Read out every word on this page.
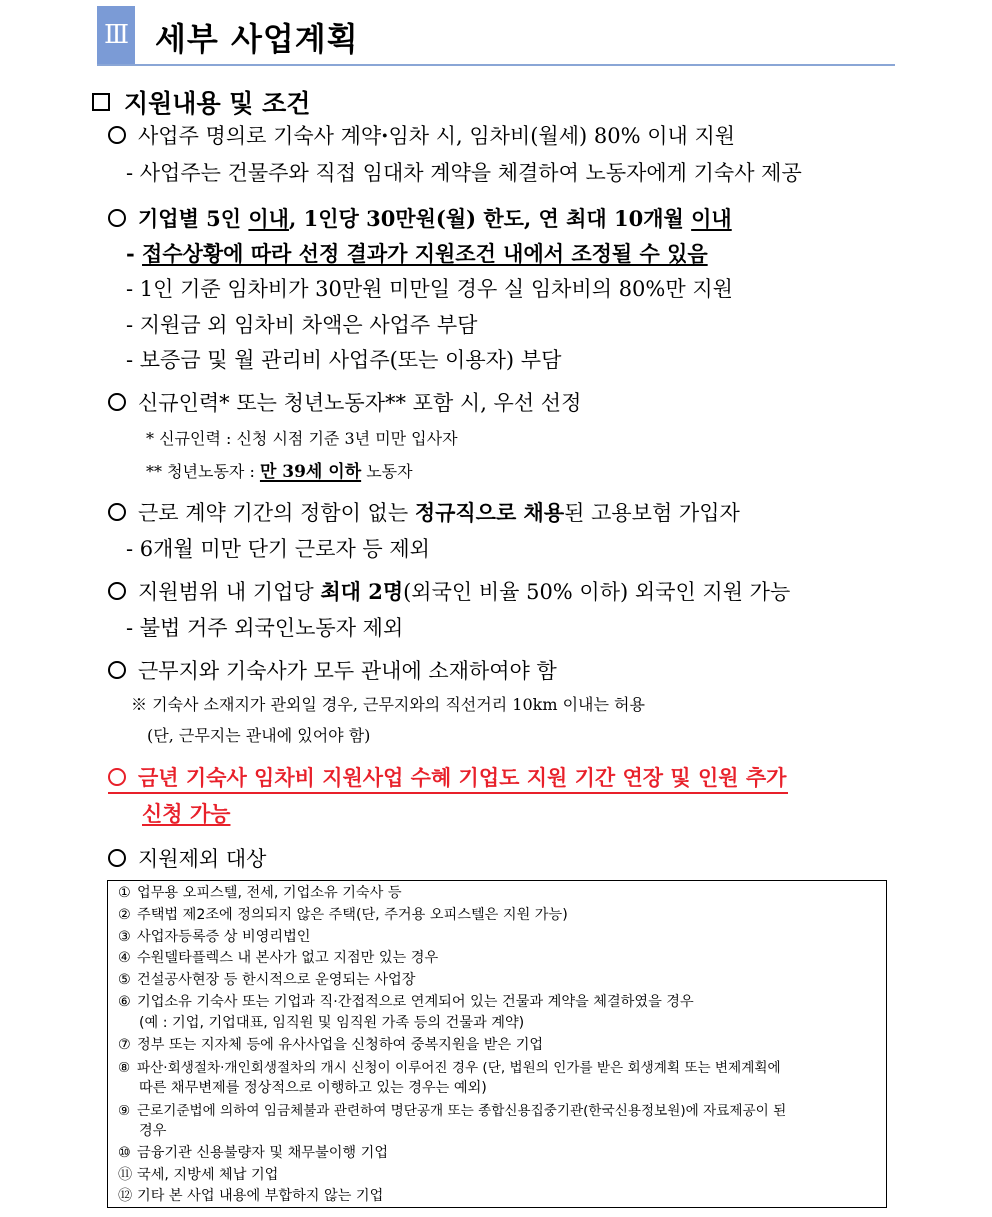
Ⅲ 세부 사업계획
지원내용 및 조건
사업주 명의로 기숙사 계약·임차 시, 임차비(월세) 80% 이내 지원
- 사업주는 건물주와 직접 임대차 계약을 체결하여 노동자에게 기숙사 제공
기업별 5인 이내, 1인당 30만원(월) 한도, 연 최대 10개월 이내
- 접수상황에 따라 선정 결과가 지원조건 내에서 조정될 수 있음
- 1인 기준 임차비가 30만원 미만일 경우 실 임차비의 80%만 지원
- 지원금 외 임차비 차액은 사업주 부담
- 보증금 및 월 관리비 사업주(또는 이용자) 부담
신규인력* 또는 청년노동자** 포함 시, 우선 선정
* 신규인력 : 신청 시점 기준 3년 미만 입사자
** 청년노동자 : 만 39세 이하 노동자
근로 계약 기간의 정함이 없는 정규직으로 채용된 고용보험 가입자
- 6개월 미만 단기 근로자 등 제외
지원범위 내 기업당 최대 2명(외국인 비율 50% 이하) 외국인 지원 가능
- 불법 거주 외국인노동자 제외
근무지와 기숙사가 모두 관내에 소재하여야 함
※ 기숙사 소재지가 관외일 경우, 근무지와의 직선거리 10km 이내는 허용
(단, 근무지는 관내에 있어야 함)
금년 기숙사 임차비 지원사업 수혜 기업도 지원 기간 연장 및 인원 추가
신청 가능
지원제외 대상
① 업무용 오피스텔, 전세, 기업소유 기숙사 등
② 주택법 제2조에 정의되지 않은 주택(단, 주거용 오피스텔은 지원 가능)
③ 사업자등록증 상 비영리법인
④ 수원델타플렉스 내 본사가 없고 지점만 있는 경우
⑤ 건설공사현장 등 한시적으로 운영되는 사업장
⑥ 기업소유 기숙사 또는 기업과 직·간접적으로 연계되어 있는 건물과 계약을 체결하였을 경우
(예 : 기업, 기업대표, 임직원 및 임직원 가족 등의 건물과 계약)
⑦ 정부 또는 지자체 등에 유사사업을 신청하여 중복지원을 받은 기업
⑧ 파산·회생절차·개인회생절차의 개시 신청이 이루어진 경우 (단, 법원의 인가를 받은 회생계획 또는 변제계획에
따른 채무변제를 정상적으로 이행하고 있는 경우는 예외)
⑨ 근로기준법에 의하여 임금체불과 관련하여 명단공개 또는 종합신용집중기관(한국신용정보원)에 자료제공이 된
경우
⑩ 금융기관 신용불량자 및 채무불이행 기업
⑪ 국세, 지방세 체납 기업
⑫ 기타 본 사업 내용에 부합하지 않는 기업
